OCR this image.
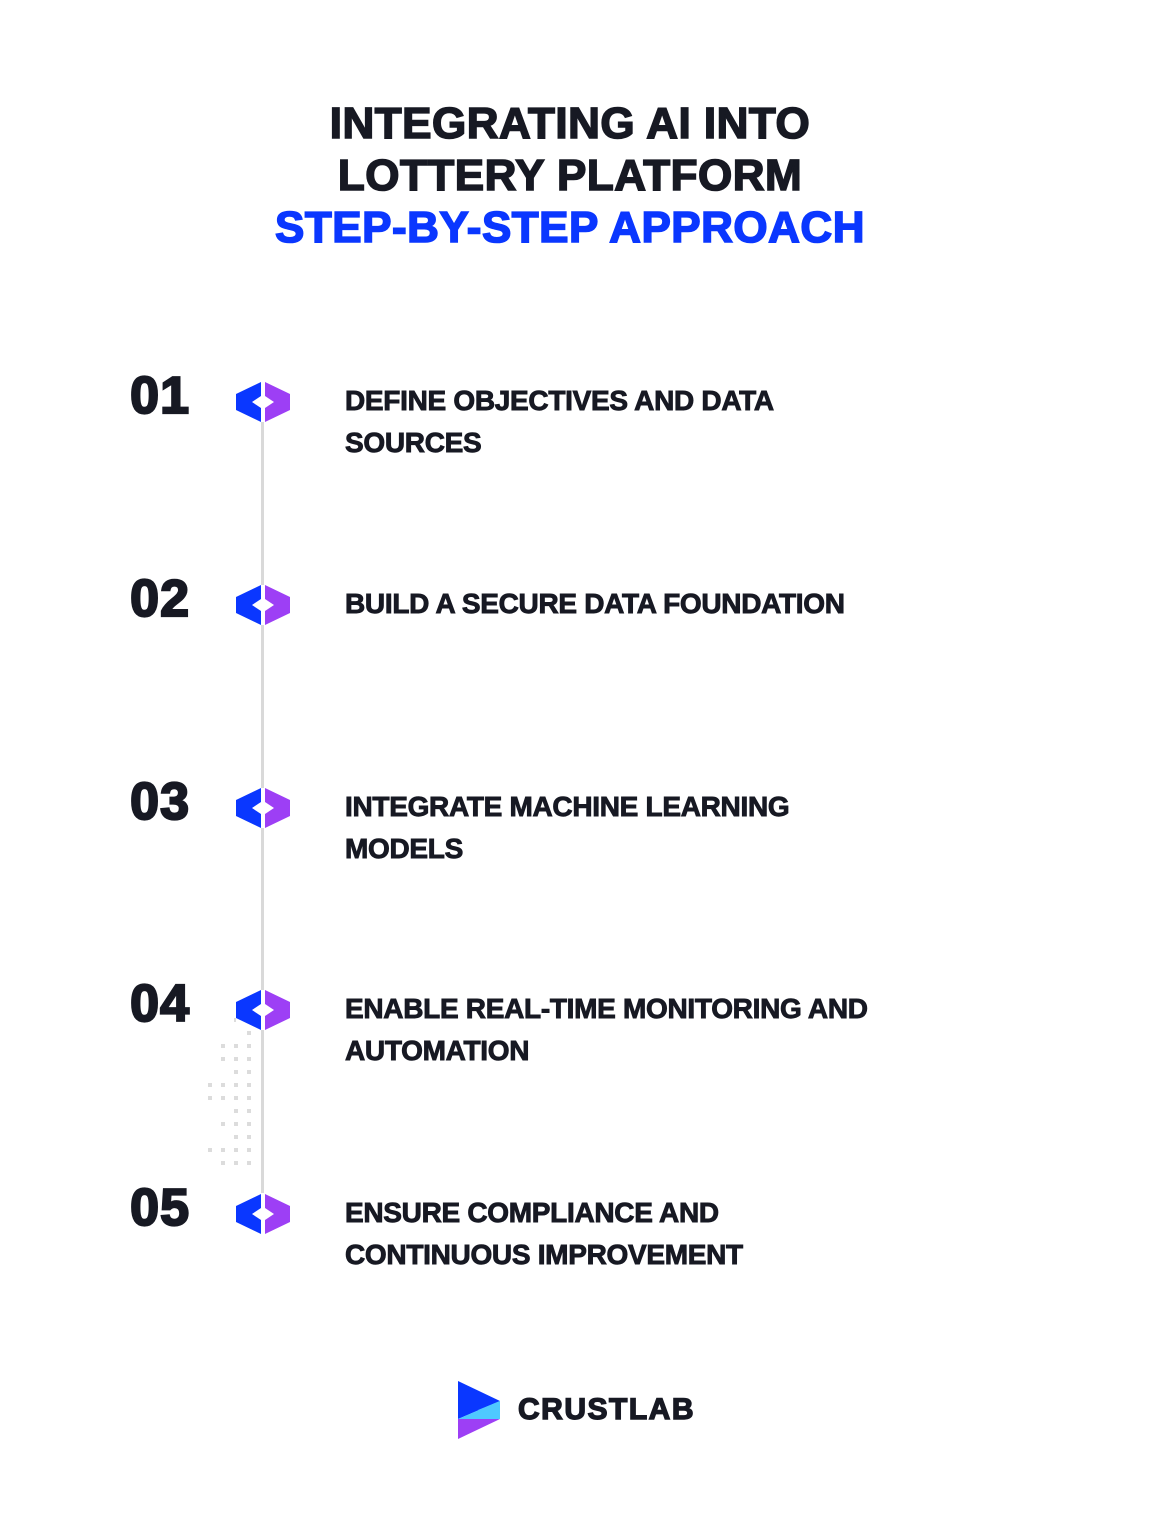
INTEGRATING AI INTO
LOTTERY PLATFORM
STEP-BY-STEP APPROACH
01	DEFINE OBJECTIVES AND DATA
SOURCES
02	BUILD A SECURE DATA FOUNDATION
03	INTEGRATE MACHINE LEARNING
MODELS
04	ENABLE REAL-TIME MONITORING AND
AUTOMATION
05	ENSURE COMPLIANCE AND
CONTINUOUS IMPROVEMENT
CRUSTLAB
